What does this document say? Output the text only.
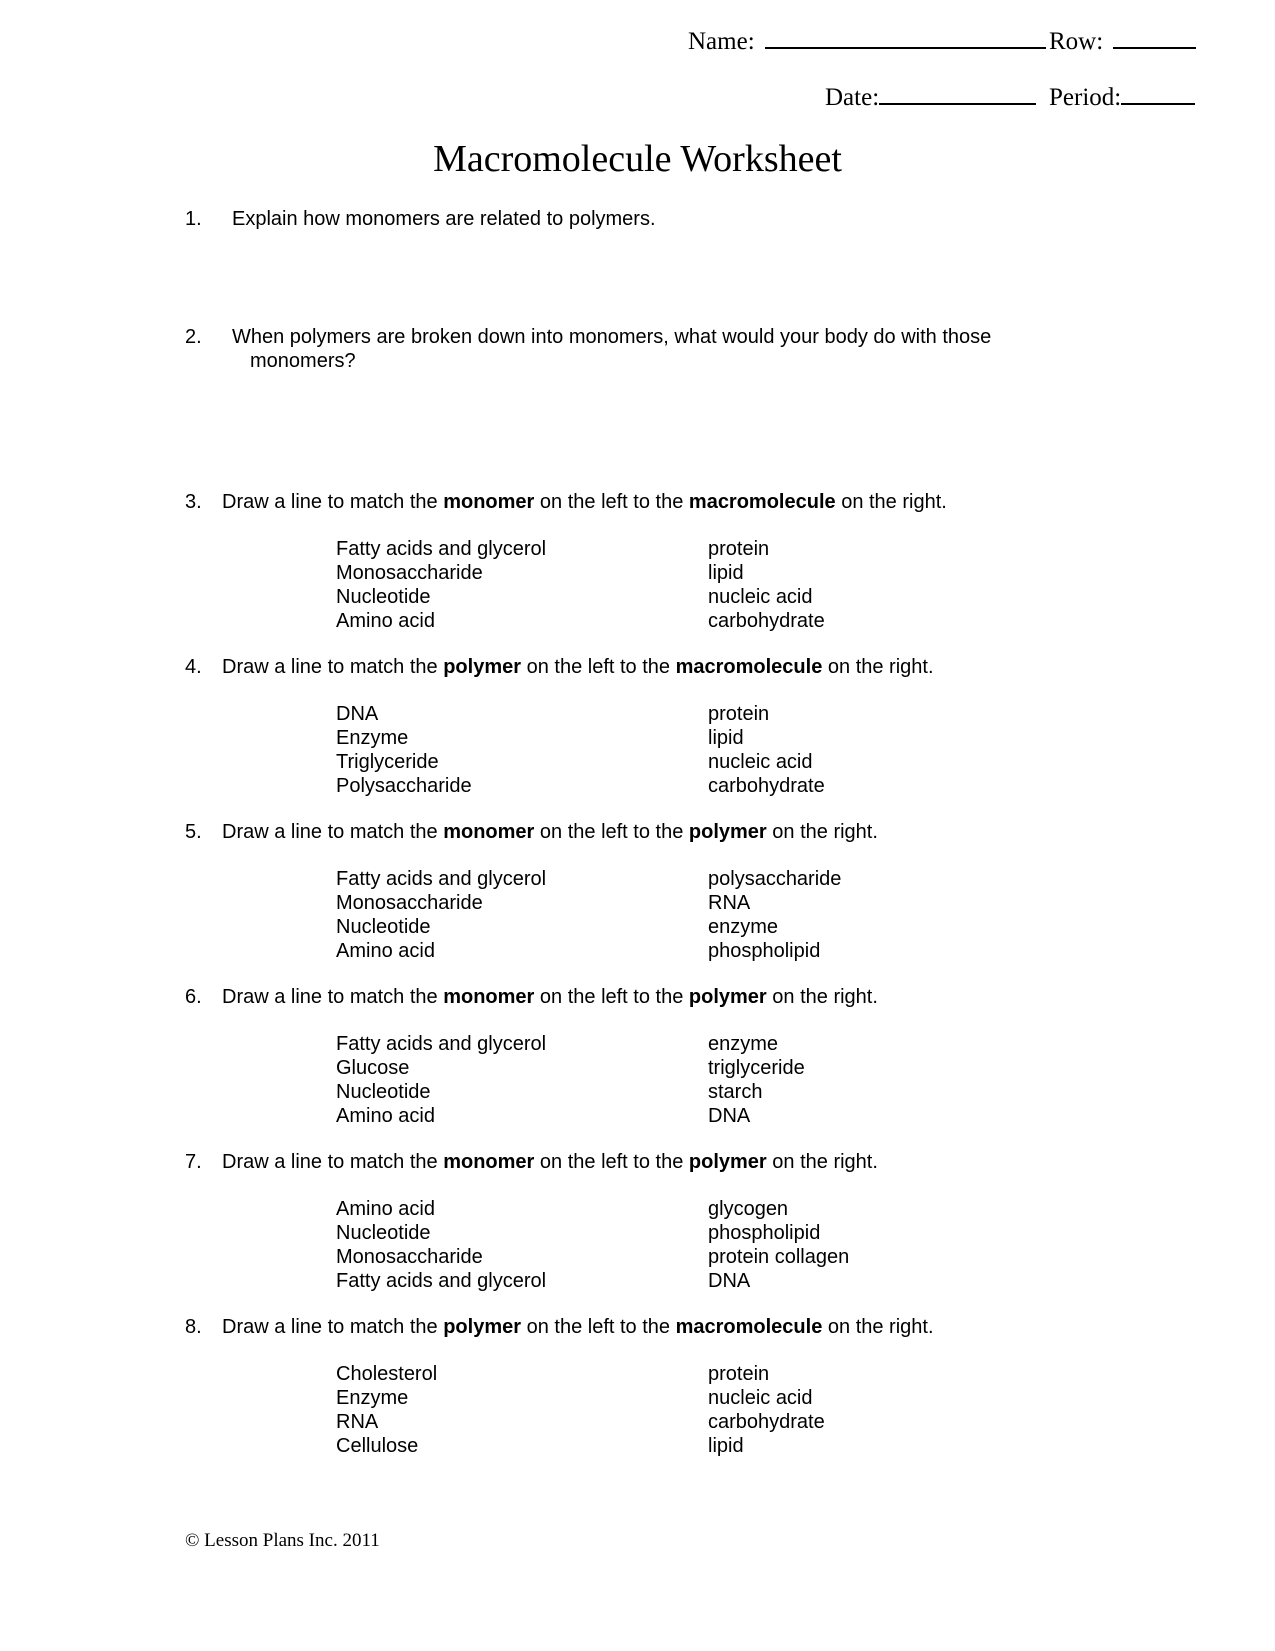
Name:	Row:
Date:	Period:
Macromolecule Worksheet
1. Explain how monomers are related to polymers.
2. When polymers are broken down into monomers, what would your body do with those
monomers?
3. Draw a line to match the monomer on the left to the macromolecule on the right.
Fatty acids and glycerol	protein
Monosaccharide	lipid
Nucleotide	nucleic acid
Amino acid	carbohydrate
4. Draw a line to match the polymer on the left to the macromolecule on the right.
DNA	protein
Enzyme	lipid
Triglyceride	nucleic acid
Polysaccharide	carbohydrate
5. Draw a line to match the monomer on the left to the polymer on the right.
Fatty acids and glycerol	polysaccharide
Monosaccharide	RNA
Nucleotide	enzyme
Amino acid	phospholipid
6. Draw a line to match the monomer on the left to the polymer on the right.
Fatty acids and glycerol	enzyme
Glucose	triglyceride
Nucleotide	starch
Amino acid	DNA
7. Draw a line to match the monomer on the left to the polymer on the right.
Amino acid	glycogen
Nucleotide	phospholipid
Monosaccharide	protein collagen
Fatty acids and glycerol	DNA
8. Draw a line to match the polymer on the left to the macromolecule on the right.
Cholesterol	protein
Enzyme	nucleic acid
RNA	carbohydrate
Cellulose	lipid
© Lesson Plans Inc. 2011
